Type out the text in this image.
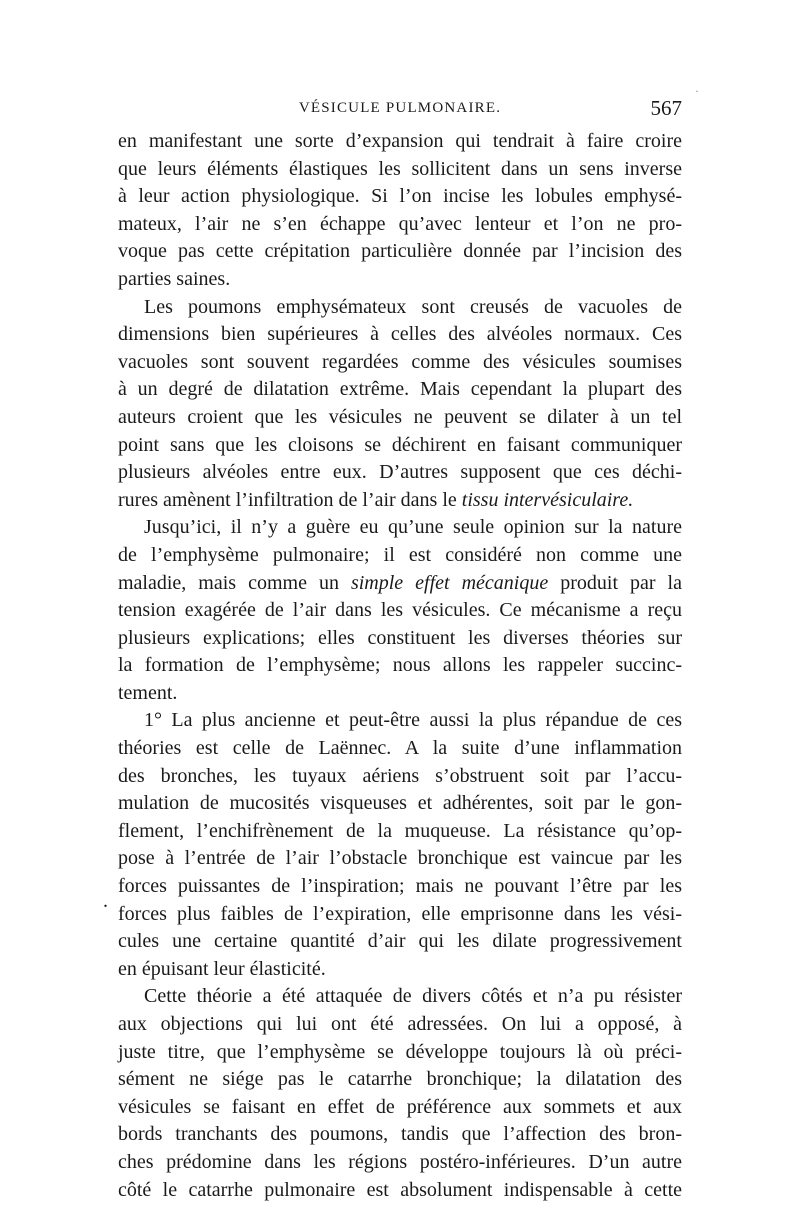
·
VÉSICULE PULMONAIRE.	567
.
en manifestant une sorte d’expansion qui tendrait à faire croire
que leurs éléments élastiques les sollicitent dans un sens inverse
à leur action physiologique. Si l’on incise les lobules emphysé-
mateux, l’air ne s’en échappe qu’avec lenteur et l’on ne pro-
voque pas cette crépitation particulière donnée par l’incision des
parties saines.
Les poumons emphysémateux sont creusés de vacuoles de
dimensions bien supérieures à celles des alvéoles normaux. Ces
vacuoles sont souvent regardées comme des vésicules soumises
à un degré de dilatation extrême. Mais cependant la plupart des
auteurs croient que les vésicules ne peuvent se dilater à un tel
point sans que les cloisons se déchirent en faisant communiquer
plusieurs alvéoles entre eux. D’autres supposent que ces déchi-
rures amènent l’infiltration de l’air dans le tissu intervésiculaire.
Jusqu’ici, il n’y a guère eu qu’une seule opinion sur la nature
de l’emphysème pulmonaire; il est considéré non comme une
maladie, mais comme un simple effet mécanique produit par la
tension exagérée de l’air dans les vésicules. Ce mécanisme a reçu
plusieurs explications; elles constituent les diverses théories sur
la formation de l’emphysème; nous allons les rappeler succinc-
tement.
1° La plus ancienne et peut-être aussi la plus répandue de ces
théories est celle de Laënnec. A la suite d’une inflammation
des bronches, les tuyaux aériens s’obstruent soit par l’accu-
mulation de mucosités visqueuses et adhérentes, soit par le gon-
flement, l’enchifrènement de la muqueuse. La résistance qu’op-
pose à l’entrée de l’air l’obstacle bronchique est vaincue par les
forces puissantes de l’inspiration; mais ne pouvant l’être par les
forces plus faibles de l’expiration, elle emprisonne dans les vési-
cules une certaine quantité d’air qui les dilate progressivement
en épuisant leur élasticité.
Cette théorie a été attaquée de divers côtés et n’a pu résister
aux objections qui lui ont été adressées. On lui a opposé, à
juste titre, que l’emphysème se développe toujours là où préci-
sément ne siége pas le catarrhe bronchique; la dilatation des
vésicules se faisant en effet de préférence aux sommets et aux
bords tranchants des poumons, tandis que l’affection des bron-
ches prédomine dans les régions postéro-inférieures. D’un autre
côté le catarrhe pulmonaire est absolument indispensable à cette
